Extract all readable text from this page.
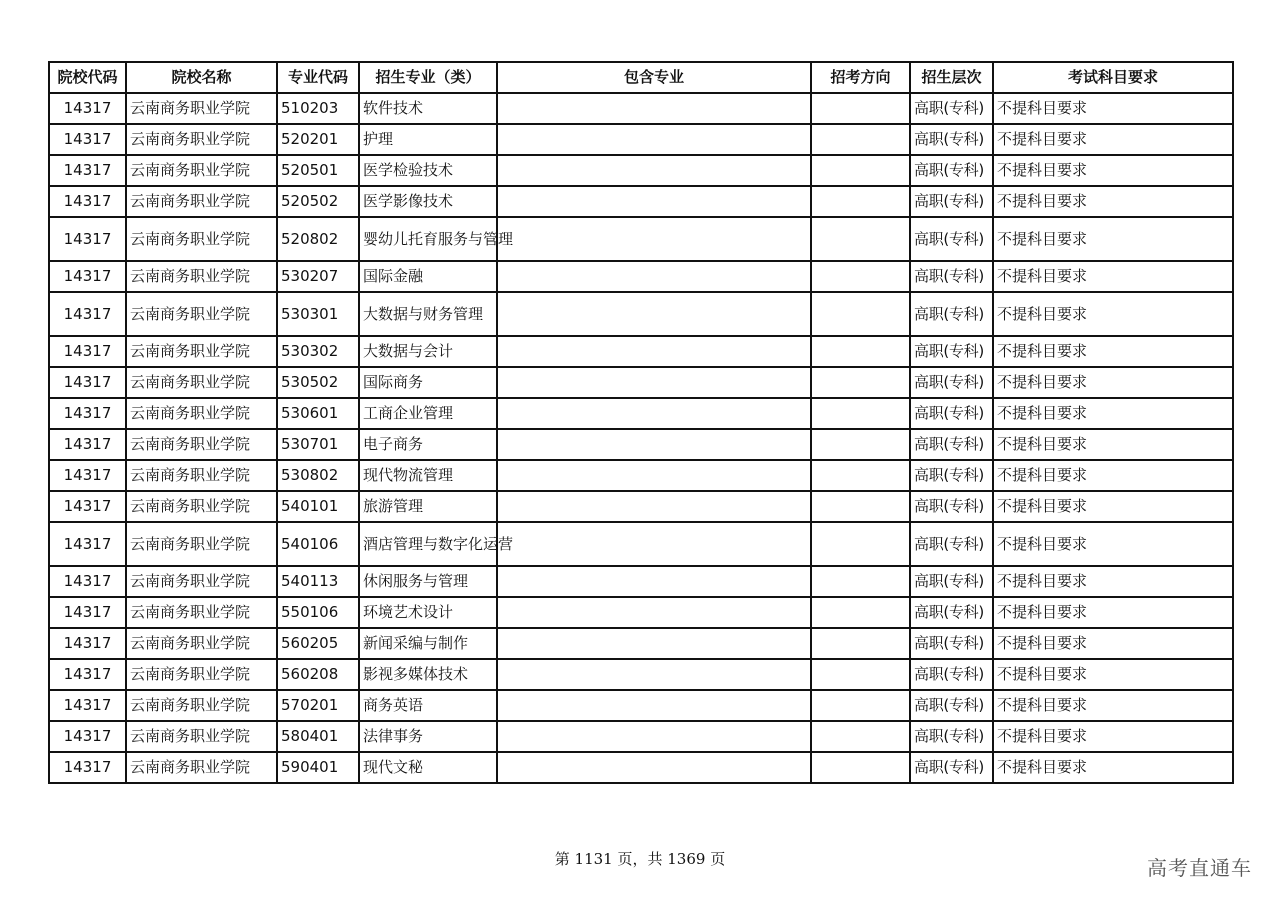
院校代码	院校名称	专业代码	招生专业（类）	包含专业	招考方向	招生层次	考试科目要求
14317	云南商务职业学院	510203	软件技术			高职(专科)	不提科目要求
14317	云南商务职业学院	520201	护理			高职(专科)	不提科目要求
14317	云南商务职业学院	520501	医学检验技术			高职(专科)	不提科目要求
14317	云南商务职业学院	520502	医学影像技术			高职(专科)	不提科目要求
14317	云南商务职业学院	520802	婴幼儿托育服务与管理			高职(专科)	不提科目要求
14317	云南商务职业学院	530207	国际金融			高职(专科)	不提科目要求
14317	云南商务职业学院	530301	大数据与财务管理			高职(专科)	不提科目要求
14317	云南商务职业学院	530302	大数据与会计			高职(专科)	不提科目要求
14317	云南商务职业学院	530502	国际商务			高职(专科)	不提科目要求
14317	云南商务职业学院	530601	工商企业管理			高职(专科)	不提科目要求
14317	云南商务职业学院	530701	电子商务			高职(专科)	不提科目要求
14317	云南商务职业学院	530802	现代物流管理			高职(专科)	不提科目要求
14317	云南商务职业学院	540101	旅游管理			高职(专科)	不提科目要求
14317	云南商务职业学院	540106	酒店管理与数字化运营			高职(专科)	不提科目要求
14317	云南商务职业学院	540113	休闲服务与管理			高职(专科)	不提科目要求
14317	云南商务职业学院	550106	环境艺术设计			高职(专科)	不提科目要求
14317	云南商务职业学院	560205	新闻采编与制作			高职(专科)	不提科目要求
14317	云南商务职业学院	560208	影视多媒体技术			高职(专科)	不提科目要求
14317	云南商务职业学院	570201	商务英语			高职(专科)	不提科目要求
14317	云南商务职业学院	580401	法律事务			高职(专科)	不提科目要求
14317	云南商务职业学院	590401	现代文秘			高职(专科)	不提科目要求
第 1131 页，共 1369 页	高考直通车
